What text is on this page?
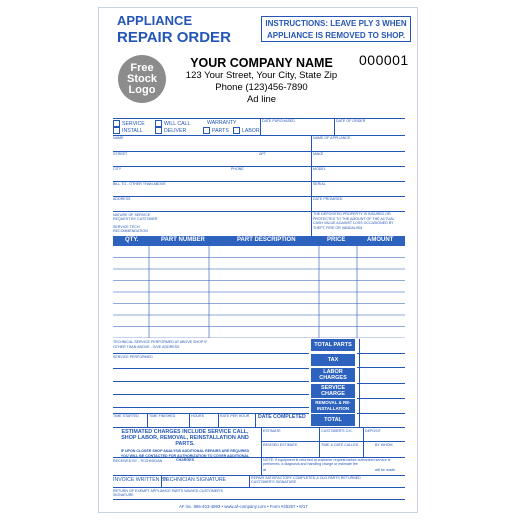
APPLIANCE
REPAIR ORDER
INSTRUCTIONS: LEAVE PLY 3 WHEN APPLIANCE IS REMOVED TO SHOP.
Free Stock Logo
YOUR COMPANY NAME
123 Your Street, Your City, State Zip
Phone (123)456-7890
Ad line
000001
SERVICE
INSTALL
WILL CALL
DELIVER
WARRANTY
PARTS	LABOR
DATE PURCHASED	DATE OF ORDER
NAME	NAME OF APPLIANCE
STREET	APT	MAKE
CITY	PHONE	MODEL
BILL TO - OTHER THAN ABOVE	SERIAL
ADDRESS	DATE PROMISED
NATURE OF SERVICE REQUEST BY CUSTOMER
SERVICE TECH RECOMMENDATION
THE DEPOSITED PROPERTY IS INSURED OR PROTECTED TO THE AMOUNT OF THE ACTUAL CASH VALUE AGAINST LOSS OCCASIONED BY THEFT, FIRE OR VANDALISM
QTY.	PART NUMBER	PART DESCRIPTION	PRICE	AMOUNT
TECHNICAL SERVICE PERFORMED AT ABOVE SHOP IF OTHER THAN ABOVE - GIVE ADDRESS
SERVICE PERFORMED
TOTAL PARTS
TAX
LABOR CHARGES
SERVICE CHARGE
REMOVAL & RE-INSTALLATION
TOTAL
TIME STARTED	TIME FINISHED	HOURS	RATE PER HOUR DATE COMPLETED
ESTIMATED CHARGES INCLUDE SERVICE CALL, SHOP LABOR, REMOVAL, REINSTALLATION AND PARTS.
IF UPON CLOSER SHOP ANALYSIS ADDITIONAL REPAIRS ARE REQUIRED YOU WILL BE CONTACTED FOR AUTHORIZATION TO COVER ADDITIONAL CHARGES
ESTIMATE	CUSTOMER'S O.K.	DEPOSIT
REVISED ESTIMATE	TIME & DATE CALLED	BY WHOM
RECEIVED BY - TECHNICIAN	NOTE: If equipment is returned at customer request before authorized service is performed, a diagnosis and handling charge or estimate fee
at	will be made.
INVOICE WRITTEN BY:
TECHNICIAN SIGNATURE	REPAIR SATISFACTORY COMPLETED & OLD PARTS RETURNED CUSTOMER'S SIGNATURE
RETURN OF EXEMPT APPLIANCE PARTS WAIVED CUSTOMER'S SIGNATURE
AF inc. 866-403-4893 • www.af-company.com • Form #45267 • 8/17
